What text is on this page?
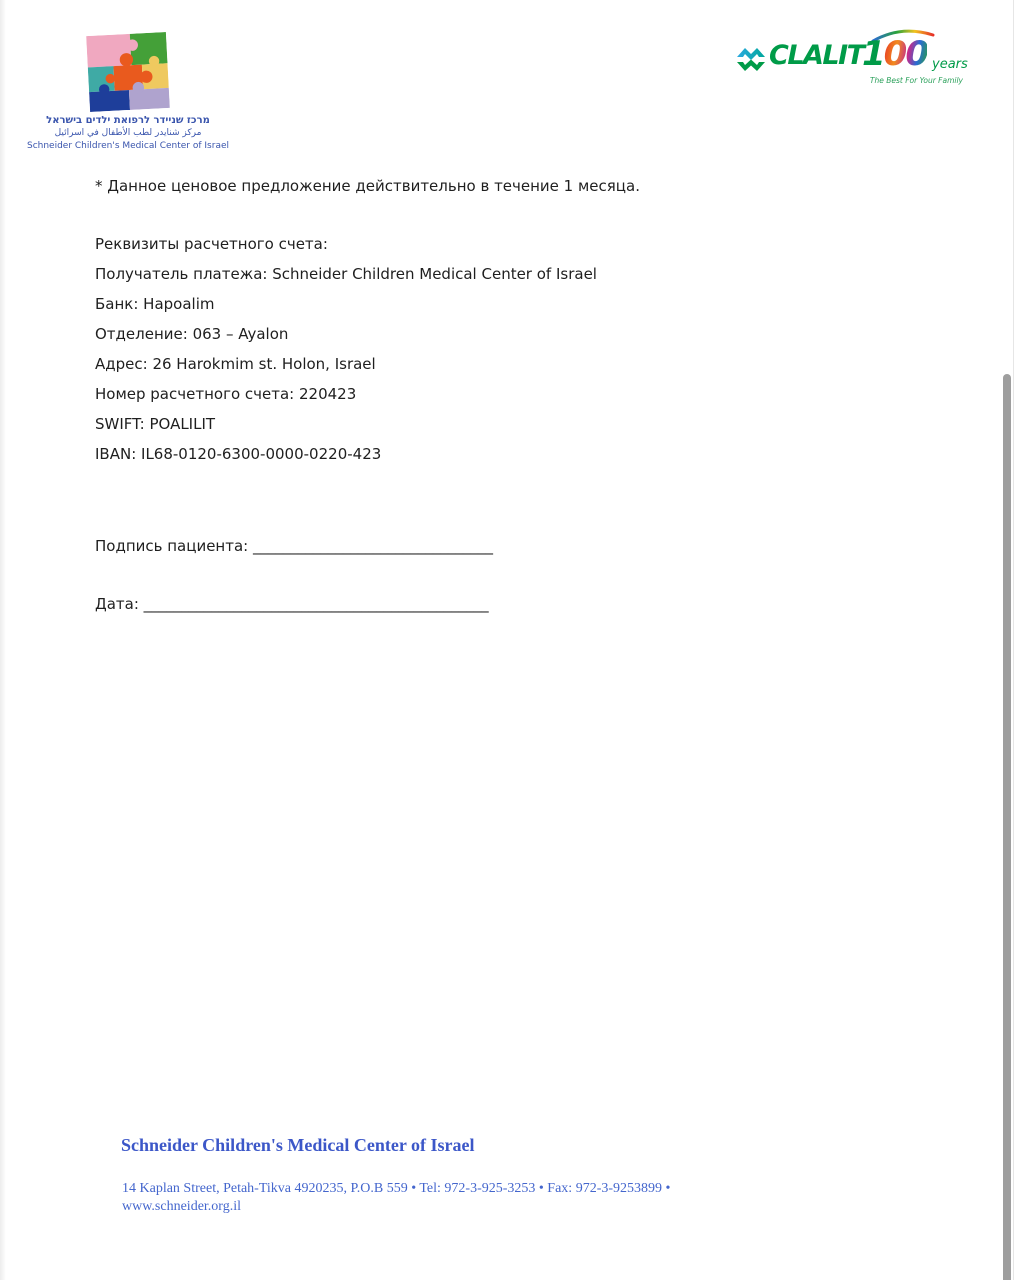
מרכז שניידר לרפואת ילדים בישראל
مركز شنايدر لطب الأطفال في اسرائيل
Schneider Children's Medical Center of Israel
CLALIT
100 years
The Best For Your Family
* Данное ценовое предложение действительно в течение 1 месяца.
Реквизиты расчетного счета:
Получатель платежа: Schneider Children Medical Center of Israel
Банк: Hapoalim
Отделение: 063 – Ayalon
Адрес: 26 Harokmim st. Holon, Israel
Номер расчетного счета: 220423
SWIFT: POALILIT
IBAN: IL68-0120-6300-0000-0220-423
Подпись пациента: ________________________________
Дата: ______________________________________________
Schneider Children's Medical Center of Israel
14 Kaplan Street, Petah-Tikva 4920235, P.O.B 559 • Tel: 972-3-925-3253 • Fax: 972-3-9253899 •
www.schneider.org.il
